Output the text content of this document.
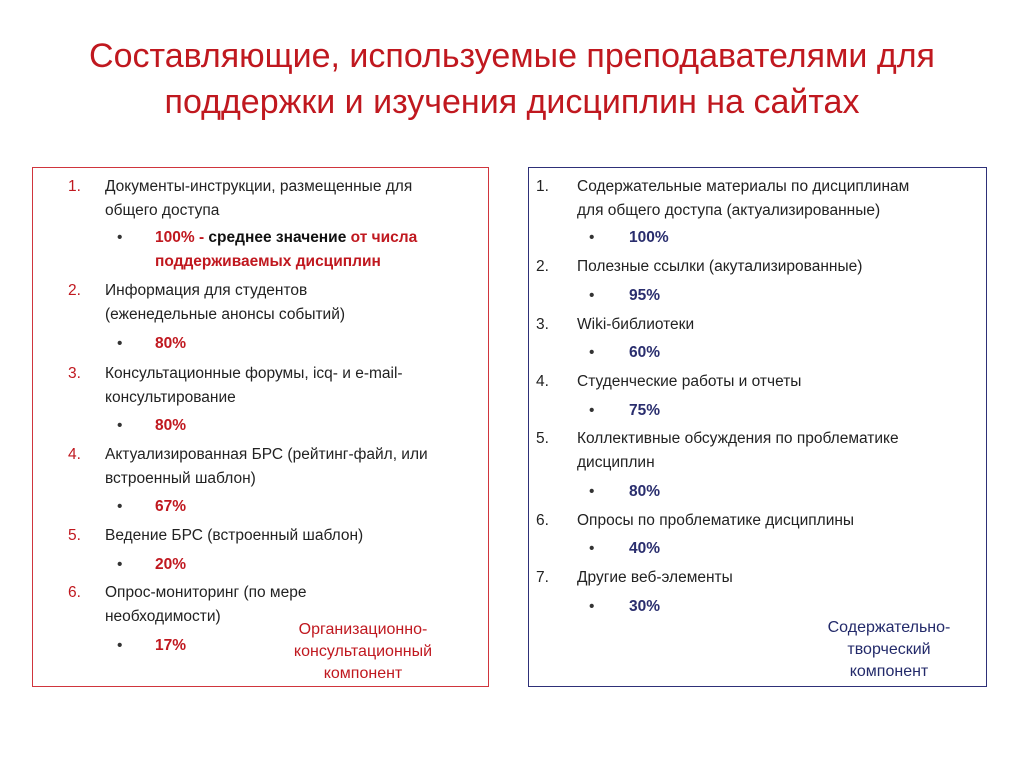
Составляющие, используемые преподавателями для
поддержки и изучения дисциплин на сайтах
1. Документы-инструкции, размещенные для
общего доступа
• 100% - среднее значение от числа
поддерживаемых дисциплин
2. Информация для студентов
(еженедельные анонсы событий)
• 80%
3. Консультационные форумы, icq- и e-mail-
консультирование
• 80%
4. Актуализированная БРС (рейтинг-файл, или
встроенный шаблон)
• 67%
5. Ведение БРС (встроенный шаблон)
• 20%
6. Опрос-мониторинг (по мере
необходимости)
• 17%
Организационно-
консультационный
компонент
1. Содержательные материалы по дисциплинам
для общего доступа (актуализированные)
• 100%
2. Полезные ссылки (акутализированные)
• 95%
3. Wiki-библиотеки
• 60%
4. Студенческие работы и отчеты
• 75%
5. Коллективные обсуждения по проблематике
дисциплин
• 80%
6. Опросы по проблематике дисциплины
• 40%
7. Другие веб-элементы
• 30%
Содержательно-
творческий
компонент
